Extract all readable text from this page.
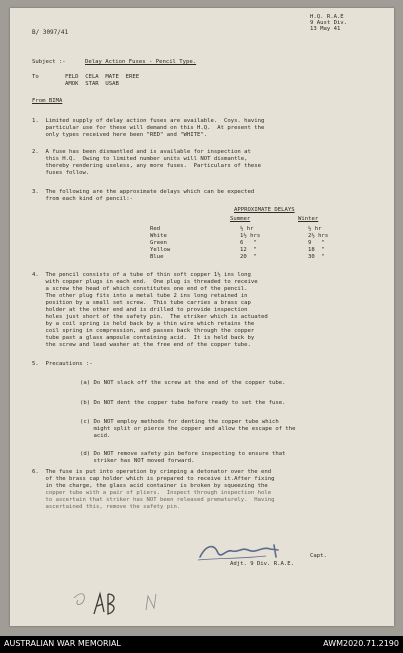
B/ 3097/41
H.Q. R.A.E
9 Aust Div.
13 May 41
Subject :-	Delay Action Fuses - Pencil Type.
To	FELD  CELA  MATE  EREE
AMOK  STAR  USAB
From BIMA
1.  Limited supply of delay action fuses are available.  Coys. having
particular use for these will demand on this H.Q.  At present the
only types received here been "RED" and "WHITE".
2.  A fuse has been dismantled and is available for inspection at
this H.Q.  Owing to limited number units will NOT dismantle,
thereby rendering useless, any more fuses.  Particulars of these
fuses follow.
3.  The following are the approximate delays which can be expected
from each kind of pencil:-
APPROXIMATE DELAYS
Summer	Winter
Red	½ hr	½ hr
White	1½ hrs	2½ hrs
Green	6   "	9   "
Yellow	12  "	18  "
Blue	20  "	30  "
4.  The pencil consists of a tube of thin soft copper 1½ ins long
with copper plugs in each end.  One plug is threaded to receive
a screw the head of which constitutes one end of the pencil.
The other plug fits into a metal tube 2 ins long retained in
position by a small set screw.  This tube carries a brass cap
holder at the other end and is drilled to provide inspection
holes just short of the safety pin.  The striker which is actuated
by a coil spring is held back by a thin wire which retains the
coil spring in compression, and passes back through the copper
tube past a glass ampoule containing acid.  It is held back by
the screw and lead washer at the free end of the copper tube.
5.  Precautions :-
(a) Do NOT slack off the screw at the end of the copper tube.
(b) Do NOT dent the copper tube before ready to set the fuse.
(c) Do NOT employ methods for denting the copper tube which
might split or pierce the copper and allow the escape of the
acid.
(d) Do NOT remove safety pin before inspecting to ensure that
striker has NOT moved forward.
6.  The fuse is put into operation by crimping a detonator over the end
of the brass cap holder which is prepared to receive it.After fixing
in the charge, the glass acid container is broken by squeezing the
copper tube with a pair of pliers.  Inspect through inspection hole
to ascertain that striker has NOT been released prematurely.  Having
ascertained this, remove the safety pin.
Capt.
Adjt. 9 Div. R.A.E.
AUSTRALIAN WAR MEMORIAL	AWM2020.71.2190
